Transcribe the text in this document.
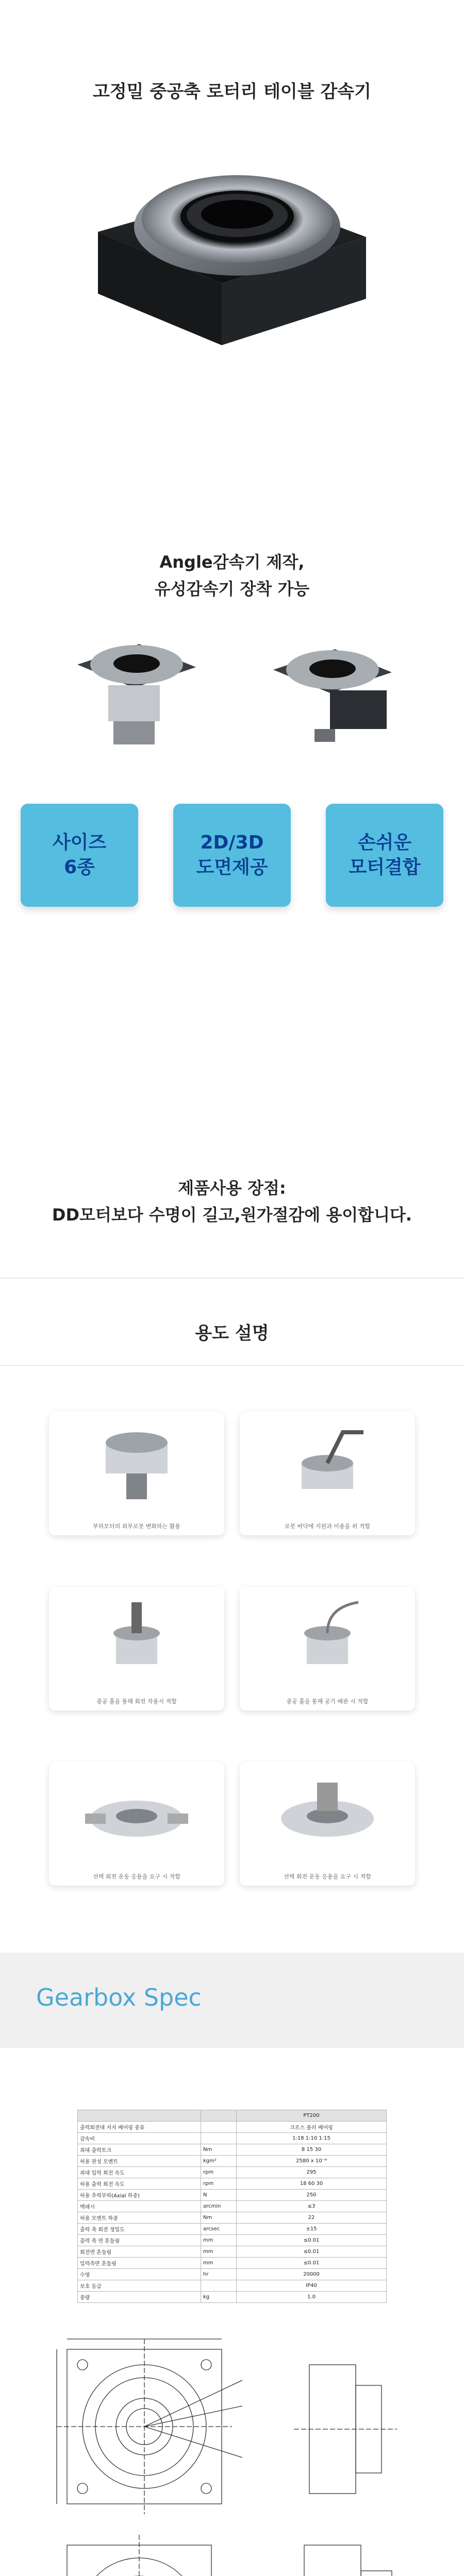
고정밀 중공축 로터리 테이블 감속기
Angle감속기 제작,
유성감속기 장착 가능
사이즈
6종
2D/3D
도면제공
손쉬운
모터결합
제품사용 장점:
DD모터보다 수명이 길고,원가절감에 용이합니다.
용도 설명
부하모터의 외부로봇 변화하는 활용	로봇 바닥에 지원과 이용을 위 적합
중공 홀을 통해 회전 작용시 적합	중공 홀을 통해 공기 배관 시 적합
선택 회전 운동 응용을 요구 시 적합	선택 회전 운동 응용을 요구 시 적합
Gearbox Spec
		PT200
출력회전대 지지 베어링 종류		크로스 롤러 베어링
감속비		1:18 1:10 1:15
최대 출력토크	Nm	8 15 30
허용 관성 모멘트	kgm²	2580 x 10⁻⁴
최대 입력 회전 속도	rpm	295
허용 출력 회전 속도	rpm	18 60 30
허용 추력부하(Axial 하중)	N	250
백래시	arcmin	≤3
허용 모멘트 하중	Nm	22
출력 축 회전 정밀도	arcsec	±15
출력 축 면 흔들림	mm	≤0.01
회전면 흔들림	mm	≤0.01
입력측면 흔들림	mm	≤0.01
수명	hr	20000
보호 등급		IP40
중량	kg	1.0
